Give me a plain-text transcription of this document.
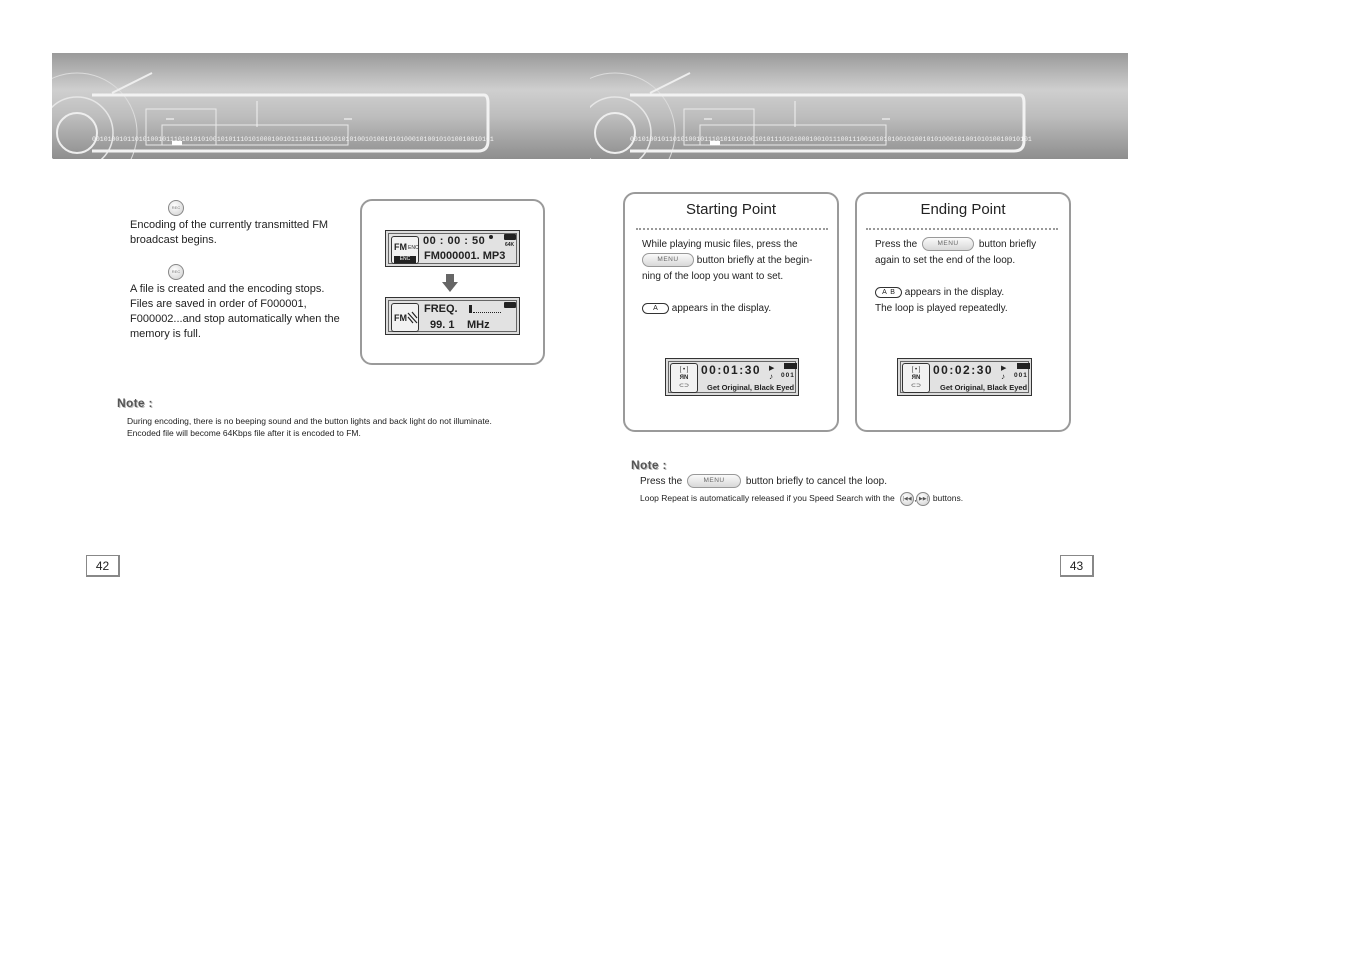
0010100101101010010111010101010010101110101000100101110011100101010100101001010100010100101010010010101	0010100101101010010111010101010010101110101000100101110011100101010100101001010100010100101010010010101
REC
Encoding of the currently transmitted FM
broadcast begins.
REC
A file is created and the encoding stops.
Files are saved in order of F000001,
F000002...and stop automatically when the
memory is full.
FM ENC
ENC
00 : 00 : 50	64K
FM000001. MP3
FM
FREQ.
99. 1 MHz
Note :
During encoding, there is no beeping sound and the button lights and back light do not illuminate.
Encoded file will become 64Kbps file after it is encoded to FM.
42
Starting Point
While playing music files, press the
MENU button briefly at the begin-
ning of the loop you want to set.
A appears in the display.
[ • ]
ЯN
⊂⊃
00:01:30 ▶
♪ 001
Get Original, Black Eyed
Ending Point
Press the	MENU button briefly
again to set the end of the loop.
A  B appears in the display.
The loop is played repeatedly.
[ • ]
ЯN
⊂⊃
00:02:30 ▶
♪ 001
Get Original, Black Eyed
Note :
Press the	MENU button briefly to cancel the loop.
Loop Repeat is automatically released if you Speed Search with the |◀◀ , ▶▶| buttons.
43
